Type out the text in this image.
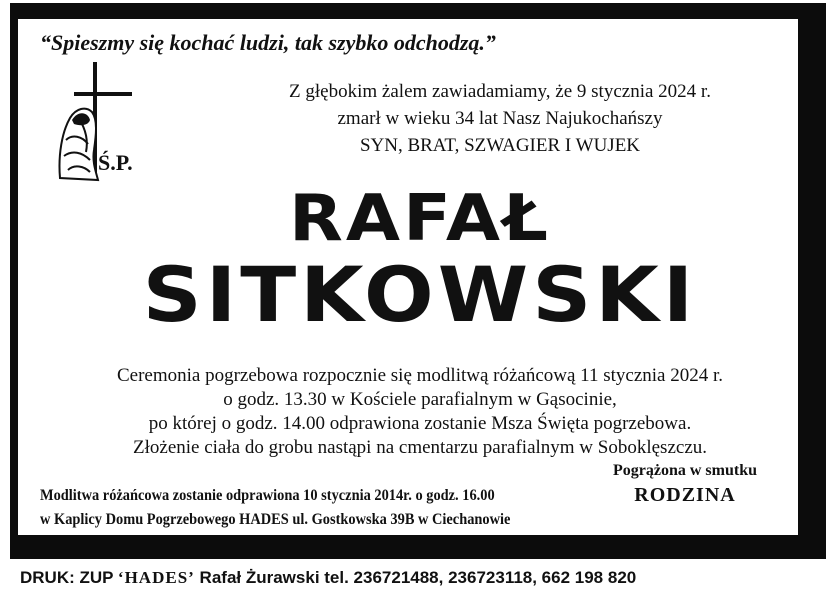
“Spieszmy się kochać ludzi, tak szybko odchodzą.”
Ś.P.
Z głębokim żalem zawiadamiamy, że 9 stycznia 2024 r.
zmarł w wieku 34 lat Nasz Najukochańszy
SYN, BRAT, SZWAGIER I WUJEK
RAFAŁ
SITKOWSKI
Ceremonia pogrzebowa rozpocznie się modlitwą różańcową 11 stycznia 2024 r.
o godz. 13.30 w Kościele parafialnym w Gąsocinie,
po której o godz. 14.00 odprawiona zostanie Msza Święta pogrzebowa.
Złożenie ciała do grobu nastąpi na cmentarzu parafialnym w Soboklęszczu.
Pogrążona w smutku
RODZINA
Modlitwa różańcowa zostanie odprawiona 10 stycznia 2014r. o godz. 16.00
w Kaplicy Domu Pogrzebowego HADES ul. Gostkowska 39B w Ciechanowie
DRUK: ZUP ‘HADES’ Rafał Żurawski tel. 236721488, 236723118, 662 198 820
